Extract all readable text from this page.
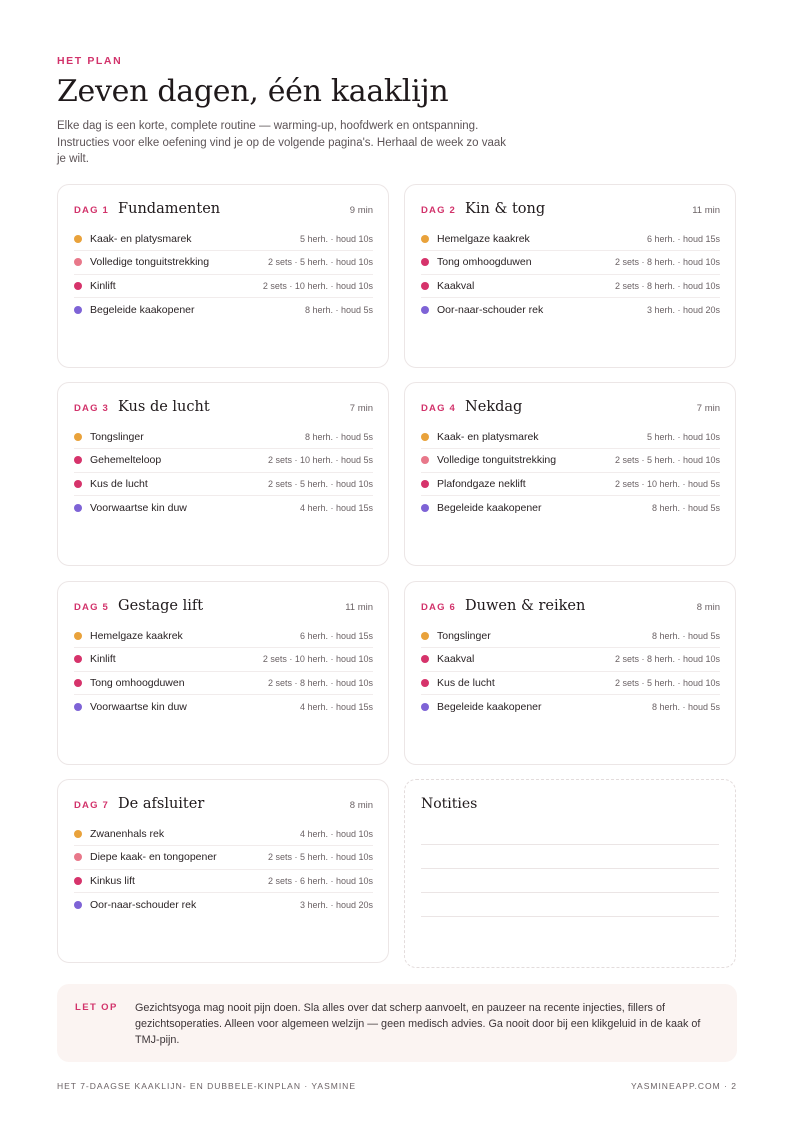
HET PLAN
Zeven dagen, één kaaklijn

Elke dag is een korte, complete routine — warming-up, hoofdwerk en ontspanning. Instructies voor elke oefening vind je op de volgende pagina's. Herhaal de week zo vaak je wilt.

DAG 1 Fundamenten	9 min
Kaak- en platysmarek	5 herh. · houd 10s
Volledige tonguitstrekking	2 sets · 5 herh. · houd 10s
Kinlift	2 sets · 10 herh. · houd 10s
Begeleide kaakopener	8 herh. · houd 5s
DAG 2 Kin & tong	11 min
Hemelgaze kaakrek	6 herh. · houd 15s
Tong omhoogduwen	2 sets · 8 herh. · houd 10s
Kaakval	2 sets · 8 herh. · houd 10s
Oor-naar-schouder rek	3 herh. · houd 20s
DAG 3 Kus de lucht	7 min
Tongslinger	8 herh. · houd 5s
Gehemelteloop	2 sets · 10 herh. · houd 5s
Kus de lucht	2 sets · 5 herh. · houd 10s
Voorwaartse kin duw	4 herh. · houd 15s
DAG 4 Nekdag	7 min
Kaak- en platysmarek	5 herh. · houd 10s
Volledige tonguitstrekking	2 sets · 5 herh. · houd 10s
Plafondgaze neklift	2 sets · 10 herh. · houd 5s
Begeleide kaakopener	8 herh. · houd 5s
DAG 5 Gestage lift	11 min
Hemelgaze kaakrek	6 herh. · houd 15s
Kinlift	2 sets · 10 herh. · houd 10s
Tong omhoogduwen	2 sets · 8 herh. · houd 10s
Voorwaartse kin duw	4 herh. · houd 15s
DAG 6 Duwen & reiken	8 min
Tongslinger	8 herh. · houd 5s
Kaakval	2 sets · 8 herh. · houd 10s
Kus de lucht	2 sets · 5 herh. · houd 10s
Begeleide kaakopener	8 herh. · houd 5s
DAG 7 De afsluiter	8 min
Zwanenhals rek	4 herh. · houd 10s
Diepe kaak- en tongopener	2 sets · 5 herh. · houd 10s
Kinkus lift	2 sets · 6 herh. · houd 10s
Oor-naar-schouder rek	3 herh. · houd 20s
Notities
LET OP	Gezichtsyoga mag nooit pijn doen. Sla alles over dat scherp aanvoelt, en pauzeer na recente injecties, fillers of gezichtsoperaties. Alleen voor algemeen welzijn — geen medisch advies. Ga nooit door bij een klikgeluid in de kaak of TMJ-pijn.
HET 7-DAAGSE KAAKLIJN- EN DUBBELE-KINPLAN · YASMINE	YASMINEAPP.COM · 2
